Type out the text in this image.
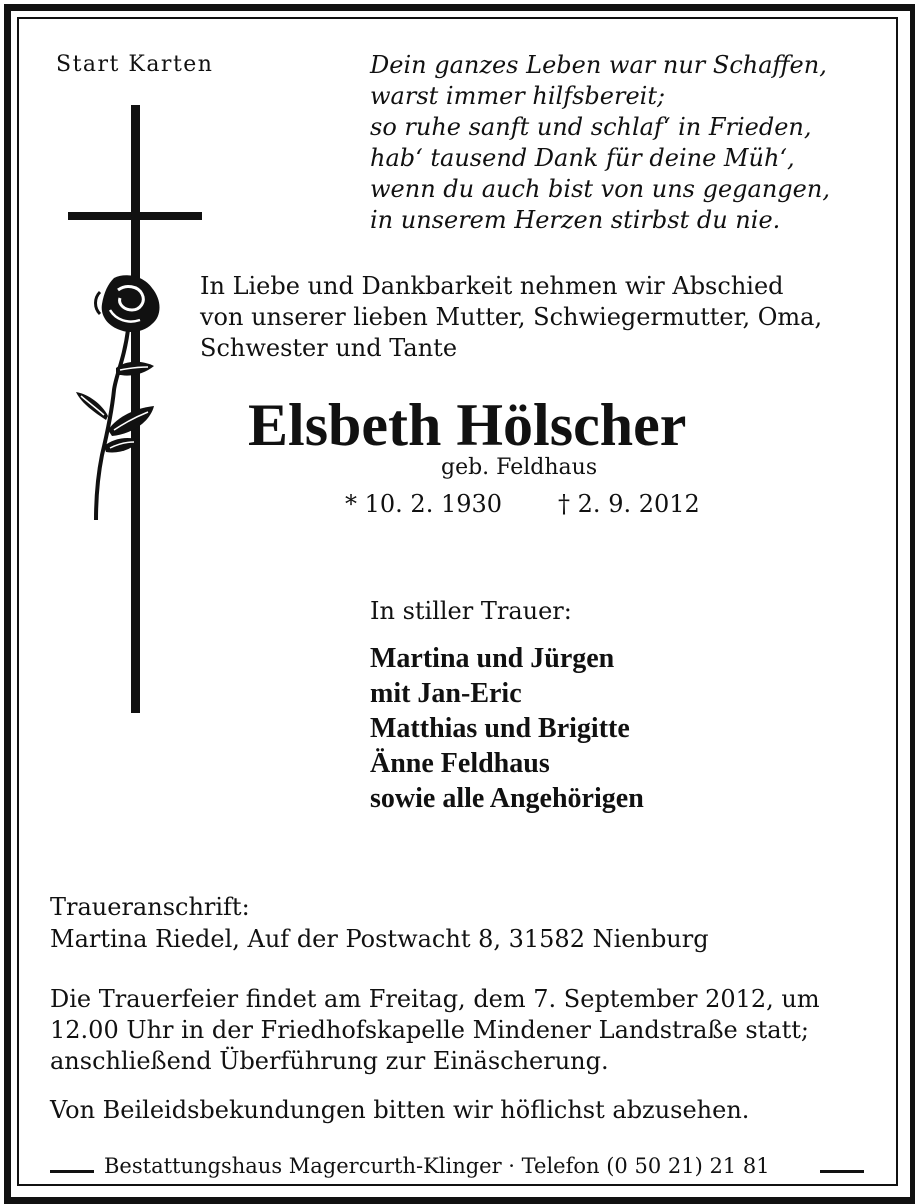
Start Karten	Dein ganzes Leben war nur Schaffen,
warst immer hilfsbereit;
so ruhe sanft und schlaf‘ in Frieden,
hab‘ tausend Dank für deine Müh‘,
wenn du auch bist von uns gegangen,
in unserem Herzen stirbst du nie.
In Liebe und Dankbarkeit nehmen wir Abschied
von unserer lieben Mutter, Schwiegermutter, Oma,
Schwester und Tante
Elsbeth Hölscher
geb. Feldhaus
* 10. 2. 1930 † 2. 9. 2012
In stiller Trauer:
Martina und Jürgen
mit Jan-Eric
Matthias und Brigitte
Änne Feldhaus
sowie alle Angehörigen
Traueranschrift:
Martina Riedel, Auf der Postwacht 8, 31582 Nienburg
Die Trauerfeier findet am Freitag, dem 7. September 2012, um
12.00 Uhr in der Friedhofskapelle Mindener Landstraße statt;
anschließend Überführung zur Einäscherung.
Von Beileidsbekundungen bitten wir höflichst abzusehen.
Bestattungshaus Magercurth-Klinger · Telefon (0 50 21) 21 81
